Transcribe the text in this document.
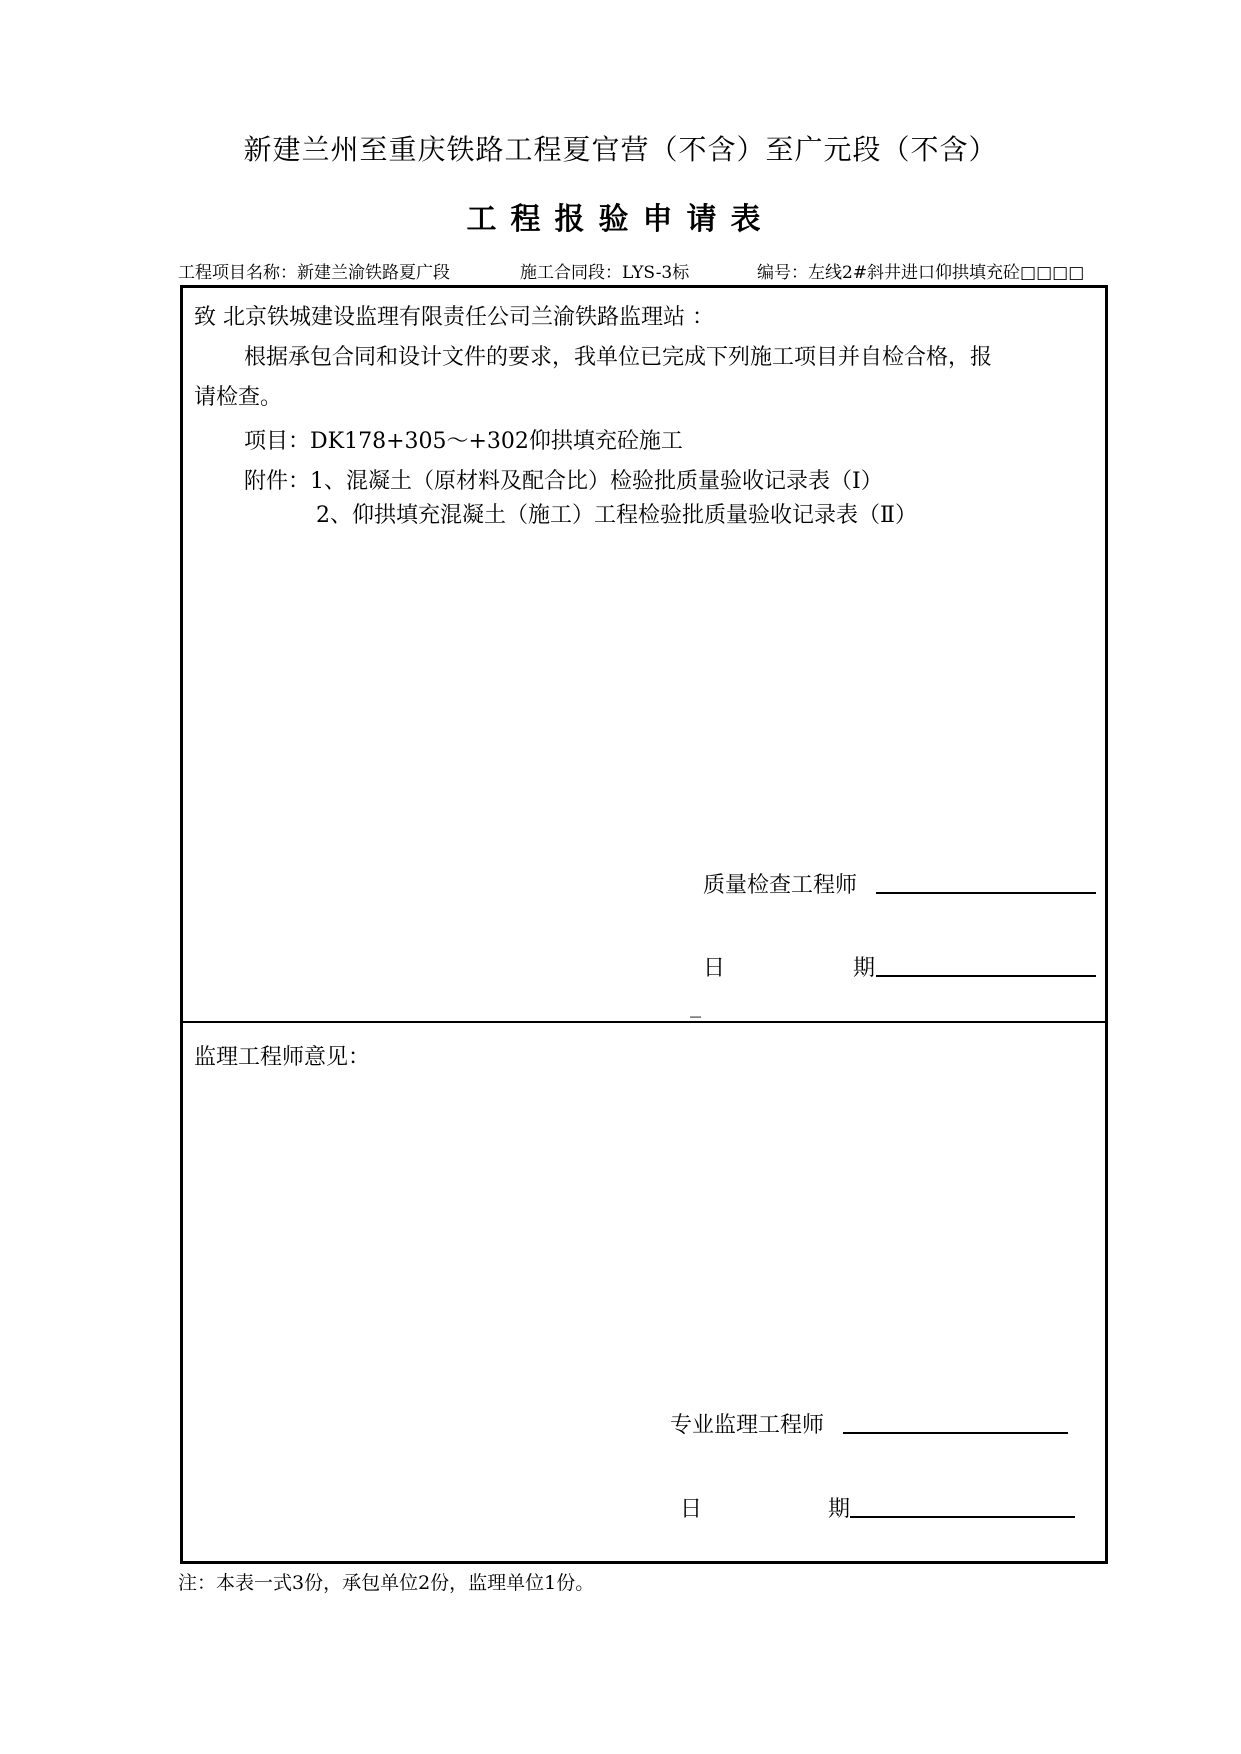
新建兰州至重庆铁路工程夏官营（不含）至广元段（不含）
工程报验申请表
工程项目名称：新建兰渝铁路夏广段	施工合同段：LYS-3标	编号：左线2#斜井进口仰拱填充砼□□□□
致 北京铁城建设监理有限责任公司兰渝铁路监理站 ：
根据承包合同和设计文件的要求，我单位已完成下列施工项目并自检合格，报
请检查。
项目：DK178+305～+302仰拱填充砼施工
附件：1、混凝土（原材料及配合比）检验批质量验收记录表（Ⅰ）
2、仰拱填充混凝土（施工）工程检验批质量验收记录表（Ⅱ）
质量检查工程师
日	期
_
监理工程师意见：
专业监理工程师
日	期
注：本表一式3份，承包单位2份，监理单位1份。
